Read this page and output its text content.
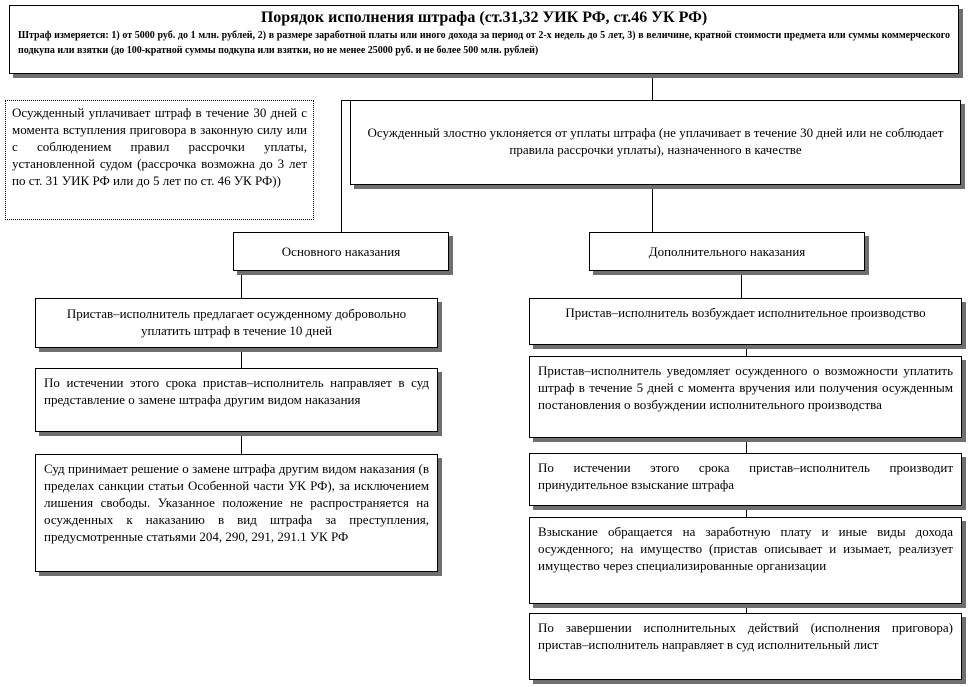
Порядок исполнения штрафа (ст.31,32 УИК РФ, ст.46 УК РФ)
Штраф измеряется: 1) от 5000 руб. до 1 млн. рублей, 2) в размере заработной платы или иного дохода за период от 2-х недель до 5 лет, 3) в величине, кратной стоимости предмета или суммы коммерческого подкупа или взятки (до 100-кратной суммы подкупа или взятки, но не менее 25000 руб. и не более 500 млн. рублей)
Осужденный уплачивает штраф в течение 30 дней с момента вступления приговора в законную силу или с соблюдением правил рассрочки уплаты, установленной судом (рассрочка возможна до 3 лет по ст. 31 УИК РФ или до 5 лет по ст. 46 УК РФ))
Осужденный злостно уклоняется от уплаты штрафа (не уплачивает в течение 30 дней или не соблюдает правила рассрочки уплаты), назначенного в качестве
Основного наказания	Дополнительного наказания
Пристав–исполнитель предлагает осужденному добровольно уплатить штраф в течение 10 дней
По истечении этого срока пристав–исполнитель направляет в суд представление о замене штрафа другим видом наказания
Суд принимает решение о замене штрафа другим видом наказания (в пределах санкции статьи Особенной части УК РФ), за исключением лишения свободы. Указанное положение не распространяется на осужденных к наказанию в вид штрафа за преступления, предусмотренные статьями 204, 290, 291, 291.1 УК РФ
Пристав–исполнитель возбуждает исполнительное производство
Пристав–исполнитель уведомляет осужденного о возможности уплатить штраф в течение 5 дней с момента вручения или получения осужденным постановления о возбуждении исполнительного производства
По истечении этого срока пристав–исполнитель производит принудительное взыскание штрафа
Взыскание обращается на заработную плату и иные виды дохода осужденного; на имущество (пристав описывает и изымает, реализует имущество через специализированные организации
По завершении исполнительных действий (исполнения приговора) пристав–исполнитель направляет в суд исполнительный лист
